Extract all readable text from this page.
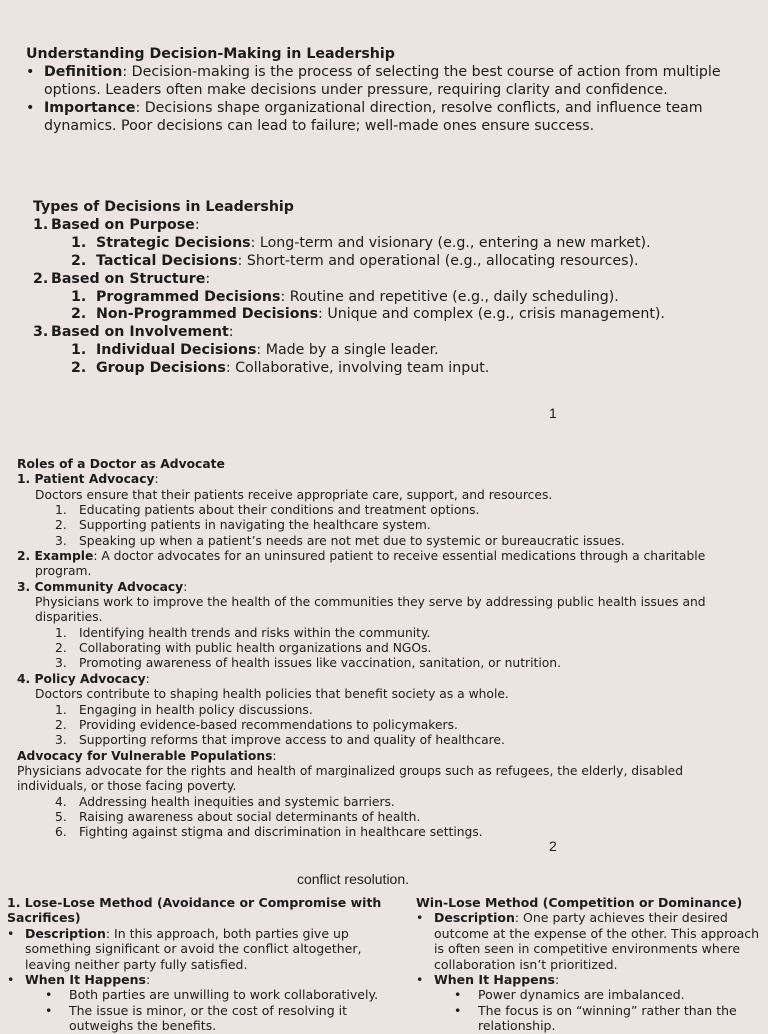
Understanding Decision-Making in Leadership
• Definition: Decision-making is the process of selecting the best course of action from multiple options. Leaders often make decisions under pressure, requiring clarity and confidence.
• Importance: Decisions shape organizational direction, resolve conflicts, and influence team dynamics. Poor decisions can lead to failure; well-made ones ensure success.
Types of Decisions in Leadership
1. Based on Purpose:
1. Strategic Decisions: Long-term and visionary (e.g., entering a new market).
2. Tactical Decisions: Short-term and operational (e.g., allocating resources).
2. Based on Structure:
1. Programmed Decisions: Routine and repetitive (e.g., daily scheduling).
2. Non-Programmed Decisions: Unique and complex (e.g., crisis management).
3. Based on Involvement:
1. Individual Decisions: Made by a single leader.
2. Group Decisions: Collaborative, involving team input.
1
Roles of a Doctor as Advocate
1. Patient Advocacy:
Doctors ensure that their patients receive appropriate care, support, and resources.
1. Educating patients about their conditions and treatment options.
2. Supporting patients in navigating the healthcare system.
3. Speaking up when a patient’s needs are not met due to systemic or bureaucratic issues.
2. Example: A doctor advocates for an uninsured patient to receive essential medications through a charitable program.
3. Community Advocacy:
Physicians work to improve the health of the communities they serve by addressing public health issues and disparities.
1. Identifying health trends and risks within the community.
2. Collaborating with public health organizations and NGOs.
3. Promoting awareness of health issues like vaccination, sanitation, or nutrition.
4. Policy Advocacy:
Doctors contribute to shaping health policies that benefit society as a whole.
1. Engaging in health policy discussions.
2. Providing evidence-based recommendations to policymakers.
3. Supporting reforms that improve access to and quality of healthcare.
Advocacy for Vulnerable Populations:
Physicians advocate for the rights and health of marginalized groups such as refugees, the elderly, disabled individuals, or those facing poverty.
4. Addressing health inequities and systemic barriers.
5. Raising awareness about social determinants of health.
6. Fighting against stigma and discrimination in healthcare settings.
2
conflict resolution.
1. Lose-Lose Method (Avoidance or Compromise with Sacrifices)
• Description: In this approach, both parties give up something significant or avoid the conflict altogether, leaving neither party fully satisfied.
• When It Happens:
• Both parties are unwilling to work collaboratively.
• The issue is minor, or the cost of resolving it outweighs the benefits.
Win-Lose Method (Competition or Dominance)
• Description: One party achieves their desired outcome at the expense of the other. This approach is often seen in competitive environments where collaboration isn’t prioritized.
• When It Happens:
• Power dynamics are imbalanced.
• The focus is on “winning” rather than the relationship.
